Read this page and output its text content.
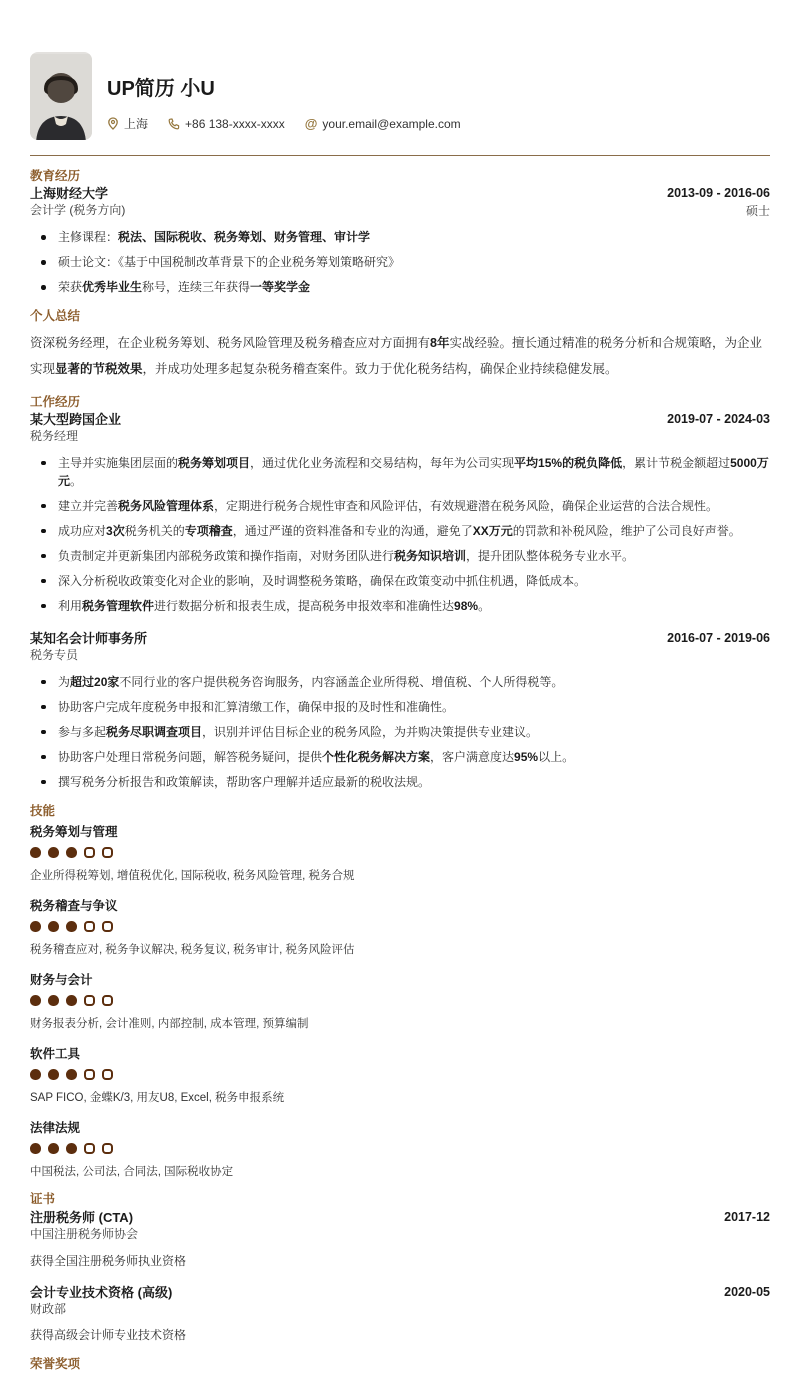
UP简历 小U
上海	+86 138-xxxx-xxxx @ your.email@example.com
教育经历
上海财经大学
会计学 (税务方向)
2013-09 - 2016-06
硕士
主修课程：税法、国际税收、税务筹划、财务管理、审计学
硕士论文：《基于中国税制改革背景下的企业税务筹划策略研究》
荣获优秀毕业生称号，连续三年获得一等奖学金
个人总结

资深税务经理，在企业税务筹划、税务风险管理及税务稽查应对方面拥有8年实战经验。擅长通过精准的税务分析和合规策略，为企业实现显著的节税效果，并成功处理多起复杂税务稽查案件。致力于优化税务结构，确保企业持续稳健发展。

工作经历
某大型跨国企业
税务经理
2019-07 - 2024-03
主导并实施集团层面的税务筹划项目，通过优化业务流程和交易结构，每年为公司实现平均15%的税负降低，累计节税金额超过5000万元。
建立并完善税务风险管理体系，定期进行税务合规性审查和风险评估，有效规避潜在税务风险，确保企业运营的合法合规性。
成功应对3次税务机关的专项稽查，通过严谨的资料准备和专业的沟通，避免了XX万元的罚款和补税风险，维护了公司良好声誉。
负责制定并更新集团内部税务政策和操作指南，对财务团队进行税务知识培训，提升团队整体税务专业水平。
深入分析税收政策变化对企业的影响，及时调整税务策略，确保在政策变动中抓住机遇，降低成本。
利用税务管理软件进行数据分析和报表生成，提高税务申报效率和准确性达98%。
某知名会计师事务所
税务专员
2016-07 - 2019-06
为超过20家不同行业的客户提供税务咨询服务，内容涵盖企业所得税、增值税、个人所得税等。
协助客户完成年度税务申报和汇算清缴工作，确保申报的及时性和准确性。
参与多起税务尽职调查项目，识别并评估目标企业的税务风险，为并购决策提供专业建议。
协助客户处理日常税务问题，解答税务疑问，提供个性化税务解决方案，客户满意度达95%以上。
撰写税务分析报告和政策解读，帮助客户理解并适应最新的税收法规。
技能
税务筹划与管理
企业所得税筹划, 增值税优化, 国际税收, 税务风险管理, 税务合规
税务稽查与争议
税务稽查应对, 税务争议解决, 税务复议, 税务审计, 税务风险评估
财务与会计
财务报表分析, 会计准则, 内部控制, 成本管理, 预算编制
软件工具
SAP FICO, 金蝶K/3, 用友U8, Excel, 税务申报系统
法律法规
中国税法, 公司法, 合同法, 国际税收协定
证书
注册税务师 (CTA)
中国注册税务师协会
2017-12
获得全国注册税务师执业资格
会计专业技术资格 (高级)
财政部
2020-05
获得高级会计师专业技术资格
荣誉奖项
